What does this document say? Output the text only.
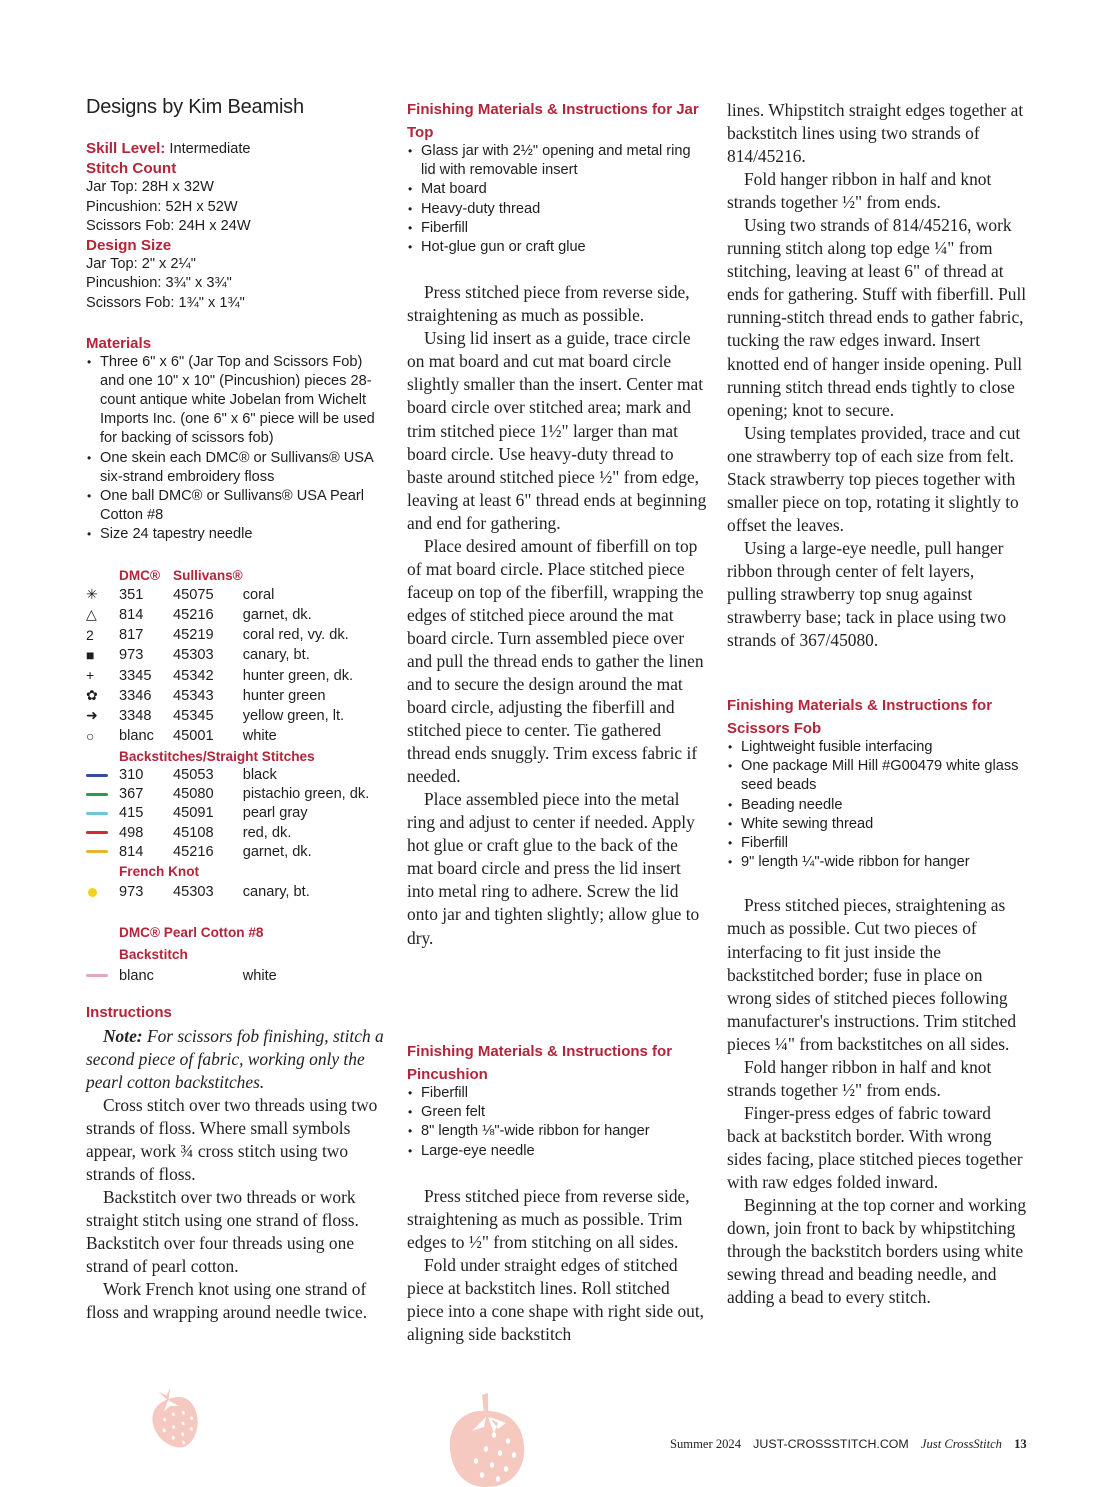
Designs by Kim Beamish
Skill Level: Intermediate
Stitch Count
Jar Top: 28H x 32W
Pincushion: 52H x 52W
Scissors Fob: 24H x 24W
Design Size
Jar Top: 2" x 2¼"
Pincushion: 3¾" x 3¾"
Scissors Fob: 1¾" x 1¾"
Materials
• Three 6" x 6" (Jar Top and Scissors Fob) and one 10" x 10" (Pincushion) pieces 28-count antique white Jobelan from Wichelt Imports Inc. (one 6" x 6" piece will be used for backing of scissors fob)
• One skein each DMC® or Sullivans® USA six-strand embroidery floss
• One ball DMC® or Sullivans® USA Pearl Cotton #8
• Size 24 tapestry needle
	DMC®	Sullivans®	
✳	351	45075	coral
△	814	45216	garnet, dk.
2	817	45219	coral red, vy. dk.
■	973	45303	canary, bt.
+	3345	45342	hunter green, dk.
✿	3346	45343	hunter green
➜	3348	45345	yellow green, lt.
○	blanc	45001	white
	Backstitches/Straight Stitches		
	310	45053	black
	367	45080	pistachio green, dk.
	415	45091	pearl gray
	498	45108	red, dk.
	814	45216	garnet, dk.
	French Knot		
	973	45303	canary, bt.

	DMC® Pearl Cotton #8		
	Backstitch		
	blanc		white
Instructions

Note: For scissors fob finishing, stitch a second piece of fabric, working only the pearl cotton backstitches.

Cross stitch over two threads using two strands of floss. Where small symbols appear, work ¾ cross stitch using two strands of floss.

Backstitch over two threads or work straight stitch using one strand of floss. Backstitch over four threads using one strand of pearl cotton.

Work French knot using one strand of floss and wrapping around needle twice.

Finishing Materials & Instructions for Jar Top
• Glass jar with 2½" opening and metal ring lid with removable insert
• Mat board
• Heavy-duty thread
• Fiberfill
• Hot-glue gun or craft glue

Press stitched piece from reverse side, straightening as much as possible.

Using lid insert as a guide, trace circle on mat board and cut mat board circle slightly smaller than the insert. Center mat board circle over stitched area; mark and trim stitched piece 1½" larger than mat board circle. Use heavy-duty thread to baste around stitched piece ½" from edge, leaving at least 6" thread ends at beginning and end for gathering.

Place desired amount of fiberfill on top of mat board circle. Place stitched piece faceup on top of the fiberfill, wrapping the edges of stitched piece around the mat board circle. Turn assembled piece over and pull the thread ends to gather the linen and to secure the design around the mat board circle, adjusting the fiberfill and stitched piece to center. Tie gathered thread ends snuggly. Trim excess fabric if needed.

Place assembled piece into the metal ring and adjust to center if needed. Apply hot glue or craft glue to the back of the mat board circle and press the lid insert into metal ring to adhere. Screw the lid onto jar and tighten slightly; allow glue to dry.

Finishing Materials & Instructions for Pincushion
• Fiberfill
• Green felt
• 8" length ⅛"-wide ribbon for hanger
• Large-eye needle

Press stitched piece from reverse side, straightening as much as possible. Trim edges to ½" from stitching on all sides.

Fold under straight edges of stitched piece at backstitch lines. Roll stitched piece into a cone shape with right side out, aligning side backstitch

lines. Whipstitch straight edges together at backstitch lines using two strands of 814/45216.

Fold hanger ribbon in half and knot strands together ½" from ends.

Using two strands of 814/45216, work running stitch along top edge ¼" from stitching, leaving at least 6" of thread at ends for gathering. Stuff with fiberfill. Pull running-stitch thread ends to gather fabric, tucking the raw edges inward. Insert knotted end of hanger inside opening. Pull running stitch thread ends tightly to close opening; knot to secure.

Using templates provided, trace and cut one strawberry top of each size from felt. Stack strawberry top pieces together with smaller piece on top, rotating it slightly to offset the leaves.

Using a large-eye needle, pull hanger ribbon through center of felt layers, pulling strawberry top snug against strawberry base; tack in place using two strands of 367/45080.

Finishing Materials & Instructions for Scissors Fob
• Lightweight fusible interfacing
• One package Mill Hill #G00479 white glass seed beads
• Beading needle
• White sewing thread
• Fiberfill
• 9" length ¼"-wide ribbon for hanger

Press stitched pieces, straightening as much as possible. Cut two pieces of interfacing to fit just inside the backstitched border; fuse in place on wrong sides of stitched pieces following manufacturer's instructions. Trim stitched pieces ¼" from backstitches on all sides.

Fold hanger ribbon in half and knot strands together ½" from ends.

Finger-press edges of fabric toward back at backstitch border. With wrong sides facing, place stitched pieces together with raw edges folded inward.

Beginning at the top corner and working down, join front to back by whipstitching through the backstitch borders using white sewing thread and beading needle, and adding a bead to every stitch.

Summer 2024 JUST-CROSSSTITCH.COM Just CrossStitch 13
